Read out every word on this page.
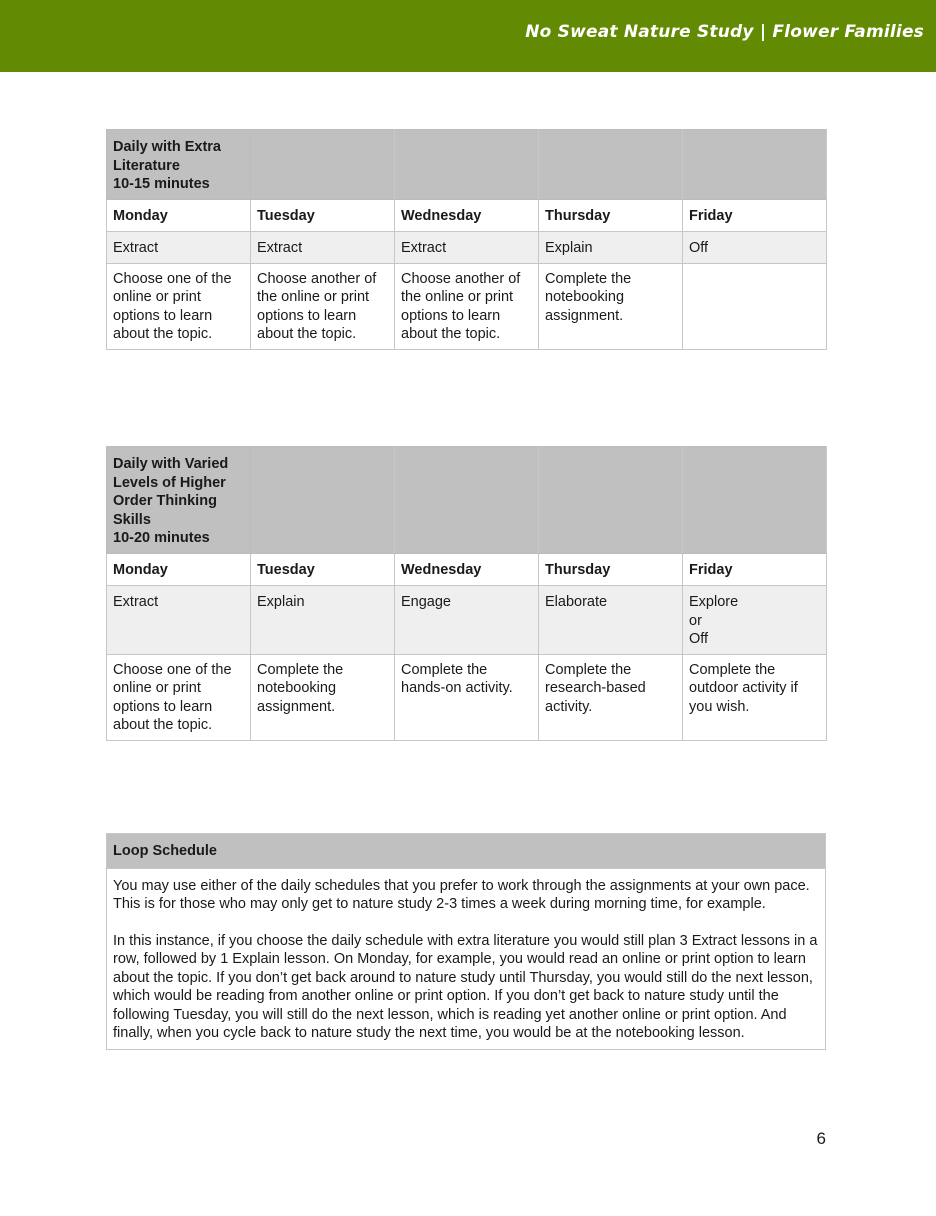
No Sweat Nature Study | Flower Families
Daily with Extra
Literature
10-15 minutes				
Monday	Tuesday	Wednesday	Thursday	Friday
Extract	Extract	Extract	Explain	Off
Choose one of the online or print options to learn about the topic.	Choose another of the online or print options to learn about the topic.	Choose another of the online or print options to learn about the topic.	Complete the notebooking assignment.	
Daily with Varied
Levels of Higher
Order Thinking
Skills
10-20 minutes				
Monday	Tuesday	Wednesday	Thursday	Friday
Extract	Explain	Engage	Elaborate	Explore
or
Off
Choose one of the online or print options to learn about the topic.	Complete the notebooking assignment.	Complete the hands-on activity.	Complete the research-based activity.	Complete the outdoor activity if you wish.
Loop Schedule

You may use either of the daily schedules that you prefer to work through the assignments at your own pace. This is for those who may only get to nature study 2-3 times a week during morning time, for example.

In this instance, if you choose the daily schedule with extra literature you would still plan 3 Extract lessons in a row, followed by 1 Explain lesson. On Monday, for example, you would read an online or print option to learn about the topic. If you don’t get back around to nature study until Thursday, you would still do the next lesson, which would be reading from another online or print option. If you don’t get back to nature study until the following Tuesday, you will still do the next lesson, which is reading yet another online or print option. And finally, when you cycle back to nature study the next time, you would be at the notebooking lesson.

6
